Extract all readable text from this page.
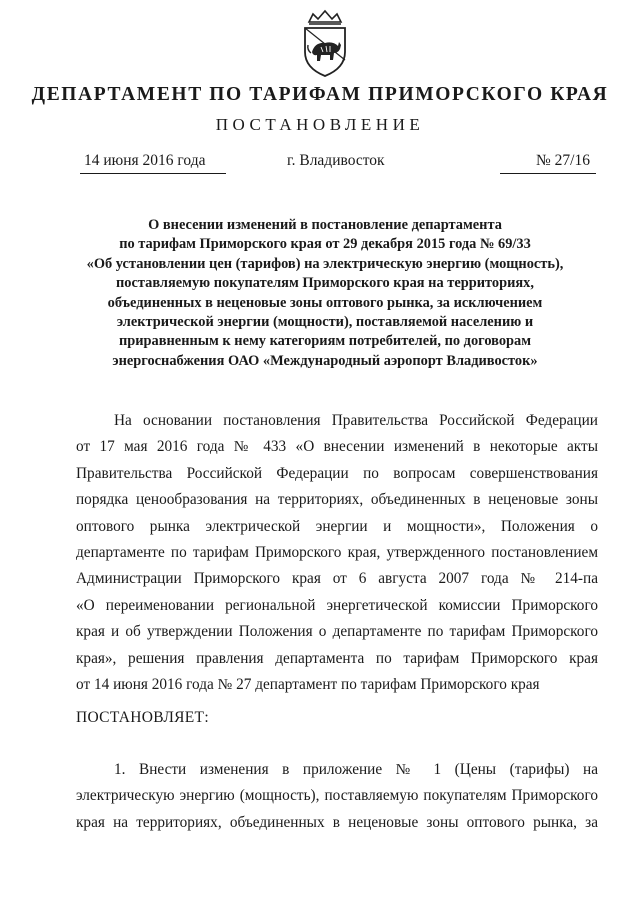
ДЕПАРТАМЕНТ ПО ТАРИФАМ ПРИМОРСКОГО КРАЯ
ПОСТАНОВЛЕНИЕ
14 июня 2016 года	г. Владивосток	№ 27/16
О внесении изменений в постановление департамента
по тарифам Приморского края от 29 декабря 2015 года № 69/33
«Об установлении цен (тарифов) на электрическую энергию (мощность),
поставляемую покупателям Приморского края на территориях,
объединенных в неценовые зоны оптового рынка, за исключением
электрической энергии (мощности), поставляемой населению и
приравненным к нему категориям потребителей, по договорам
энергоснабжения ОАО «Международный аэропорт Владивосток»
На основании постановления Правительства Российской Федерации
от 17 мая 2016 года № 433 «О внесении изменений в некоторые акты
Правительства Российской Федерации по вопросам совершенствования
порядка ценообразования на территориях, объединенных в неценовые зоны
оптового рынка электрической энергии и мощности», Положения о
департаменте по тарифам Приморского края, утвержденного постановлением
Администрации Приморского края от 6 августа 2007 года № 214-па
«О переименовании региональной энергетической комиссии Приморского
края и об утверждении Положения о департаменте по тарифам Приморского
края», решения правления департамента по тарифам Приморского края
от 14 июня 2016 года № 27 департамент по тарифам Приморского края
ПОСТАНОВЛЯЕТ:
1. Внести изменения в приложение № 1 (Цены (тарифы) на
электрическую энергию (мощность), поставляемую покупателям Приморского
края на территориях, объединенных в неценовые зоны оптового рынка, за
